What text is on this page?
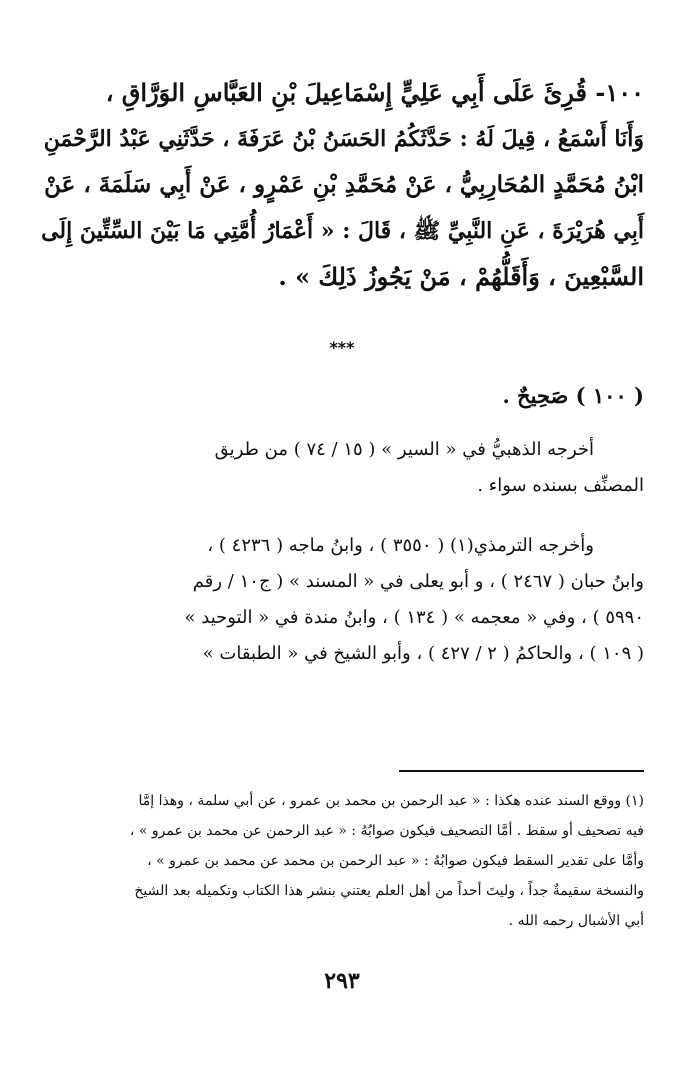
١٠٠- قُرِئَ عَلَى أَبِي عَلِيٍّ إِسْمَاعِيلَ بْنِ العَبَّاسِ الوَرَّاقِ ،
وَأَنَا أَسْمَعُ ، قِيلَ لَهُ : حَدَّثَكُمُ الحَسَنُ بْنُ عَرَفَةَ ، حَدَّثَنِي عَبْدُ الرَّحْمَنِ
ابْنُ مُحَمَّدٍ المُحَارِبِيُّ ، عَنْ مُحَمَّدِ بْنِ عَمْرٍو ، عَنْ أَبِي سَلَمَةَ ، عَنْ
أَبِي هُرَيْرَةَ ، عَنِ النَّبِيِّ ﷺ ، قَالَ : « أَعْمَارُ أُمَّتِي مَا بَيْنَ السِّتِّينَ إِلَى
السَّبْعِينَ ، وَأَقَلُّهُمْ ، مَنْ يَجُوزُ ذَلِكَ » .
***
( ١٠٠ ) صَحِيحٌ .
أخرجه الذهبيُّ في « السير » ( ١٥ / ٧٤ ) من طريق
المصنِّف بسنده سواء .
وأخرجه الترمذي(١) ( ٣٥٥٠ ) ، وابنُ ماجه ( ٤٢٣٦ ) ،
وابنُ حبان ( ٢٤٦٧ ) ، و أبو يعلى في « المسند » ( ج١٠ / رقم
٥٩٩٠ ) ، وفي « معجمه » ( ١٣٤ ) ، وابنُ مندة في « التوحيد »
( ١٠٩ ) ، والحاكمُ ( ٢ / ٤٢٧ ) ، وأبو الشيخ في « الطبقات »
(١) ووقع السند عنده هكذا : « عبد الرحمن بن محمد بن عمرو ، عن أبي سلمة ، وهذا إمَّا
فيه تصحيف أو سقط . أمَّا التصحيف فيكون صوابُهُ : « عبد الرحمن عن محمد بن عمرو » ،
وأمَّا على تقدير السقط فيكون صوابُهُ : « عبد الرحمن بن محمد عن محمد بن عمرو » ،
والنسخة سقيمةٌ جداً ، وليتَ أحداً من أهل العلم يعتني بنشر هذا الكتاب وتكميله بعد الشيخ
أبي الأشبال رحمه الله .
٢٩٣
